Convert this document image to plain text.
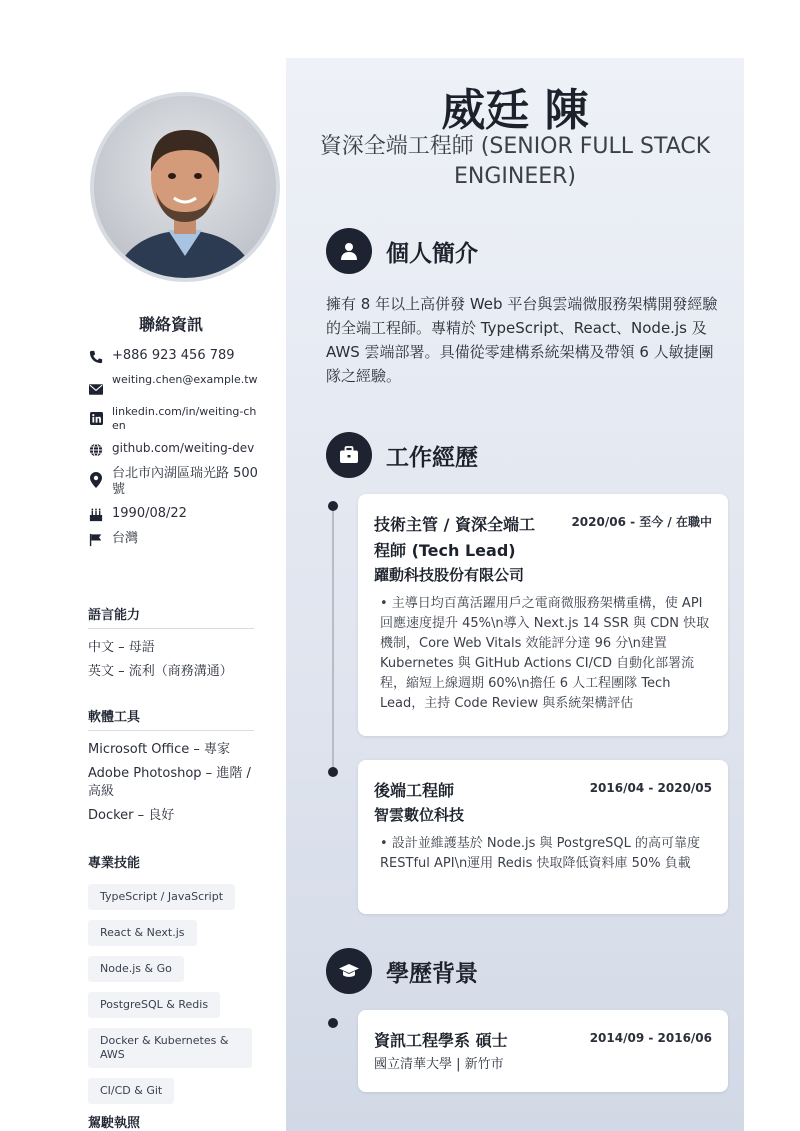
聯絡資訊
+886 923 456 789
weiting.chen@example.tw
linkedin.com/in/weiting-chen
github.com/weiting-dev
台北市內湖區瑞光路 500 號
1990/08/22
台灣
語言能力
中文 – 母語
英文 – 流利（商務溝通）
軟體工具
Microsoft Office – 專家
Adobe Photoshop – 進階 / 高級
Docker – 良好
專業技能
TypeScript / JavaScript
React & Next.js
Node.js & Go
PostgreSQL & Redis
Docker & Kubernetes & AWS
CI/CD & Git
駕駛執照
威廷 陳
資深全端工程師 (SENIOR FULL STACK ENGINEER)
個人簡介
擁有 8 年以上高併發 Web 平台與雲端微服務架構開發經驗的全端工程師。專精於 TypeScript、React、Node.js 及 AWS 雲端部署。具備從零建構系統架構及帶領 6 人敏捷團隊之經驗。
工作經歷
技術主管 / 資深全端工程師 (Tech Lead)
2020/06 - 至今 / 在職中
躍動科技股份有限公司
• 主導日均百萬活躍用戶之電商微服務架構重構，使 API 回應速度提升 45%\n導入 Next.js 14 SSR 與 CDN 快取機制，Core Web Vitals 效能評分達 96 分\n建置 Kubernetes 與 GitHub Actions CI/CD 自動化部署流程，縮短上線週期 60%\n擔任 6 人工程團隊 Tech Lead，主持 Code Review 與系統架構評估
後端工程師	2016/04 - 2020/05
智雲數位科技
• 設計並維護基於 Node.js 與 PostgreSQL 的高可靠度 RESTful API\n運用 Redis 快取降低資料庫 50% 負載
學歷背景
資訊工程學系 碩士	2014/09 - 2016/06
國立清華大學 | 新竹市
